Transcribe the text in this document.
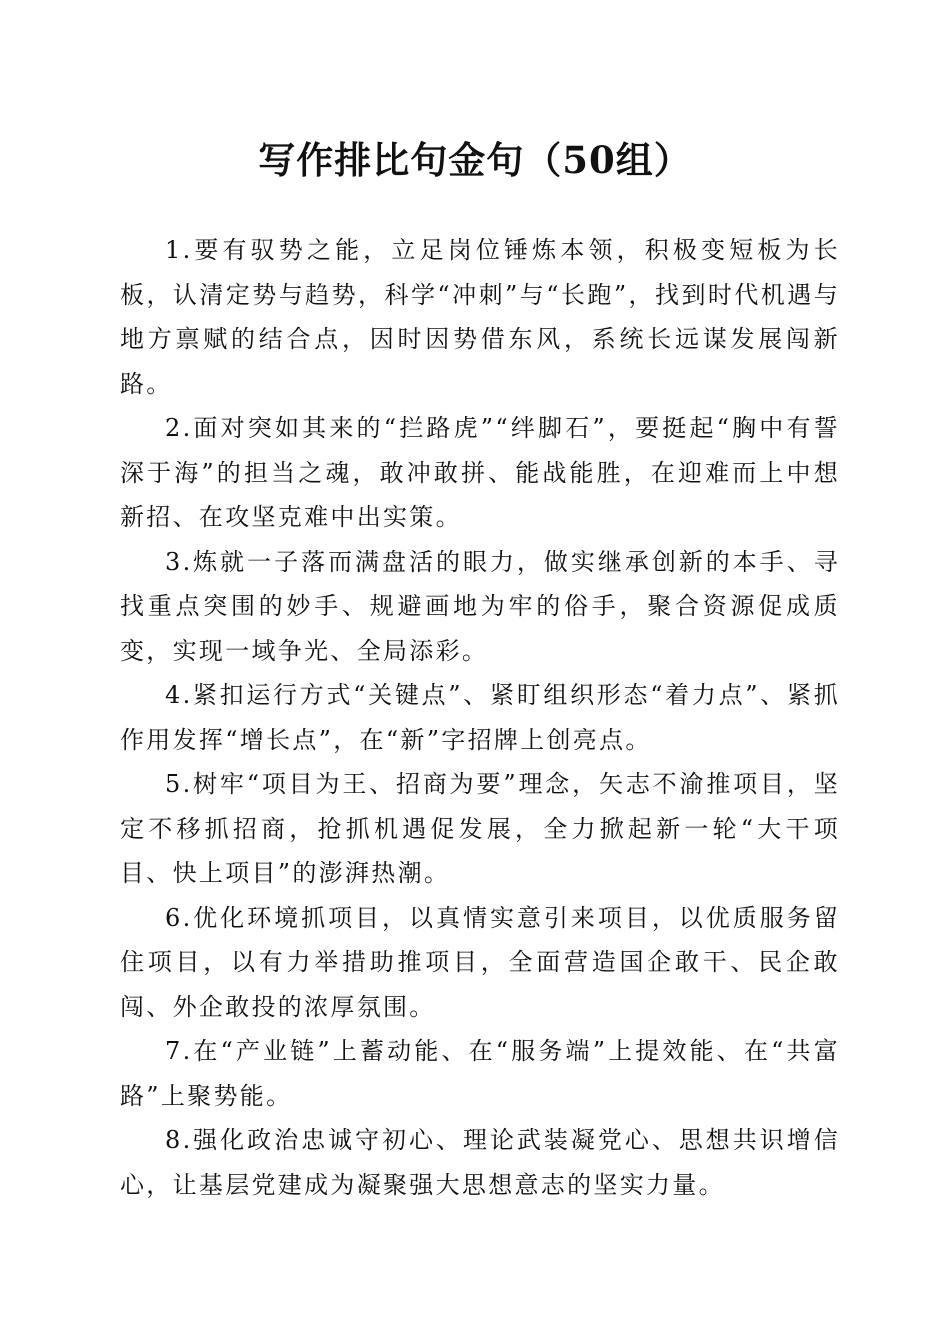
写作排比句金句（50组）

1.要有驭势之能，立足岗位锤炼本领，积极变短板为长板，认清定势与趋势，科学“冲刺”与“长跑”，找到时代机遇与地方禀赋的结合点，因时因势借东风，系统长远谋发展闯新路。

2.面对突如其来的“拦路虎”“绊脚石”，要挺起“胸中有誓深于海”的担当之魂，敢冲敢拼、能战能胜，在迎难而上中想新招、在攻坚克难中出实策。

3.炼就一子落而满盘活的眼力，做实继承创新的本手、寻找重点突围的妙手、规避画地为牢的俗手，聚合资源促成质变，实现一域争光、全局添彩。

4.紧扣运行方式“关键点”、紧盯组织形态“着力点”、紧抓作用发挥“增长点”，在“新”字招牌上创亮点。

5.树牢“项目为王、招商为要”理念，矢志不渝推项目，坚定不移抓招商，抢抓机遇促发展，全力掀起新一轮“大干项目、快上项目”的澎湃热潮。

6.优化环境抓项目，以真情实意引来项目，以优质服务留住项目，以有力举措助推项目，全面营造国企敢干、民企敢闯、外企敢投的浓厚氛围。

7.在“产业链”上蓄动能、在“服务端”上提效能、在“共富路”上聚势能。

8.强化政治忠诚守初心、理论武装凝党心、思想共识增信心，让基层党建成为凝聚强大思想意志的坚实力量。
